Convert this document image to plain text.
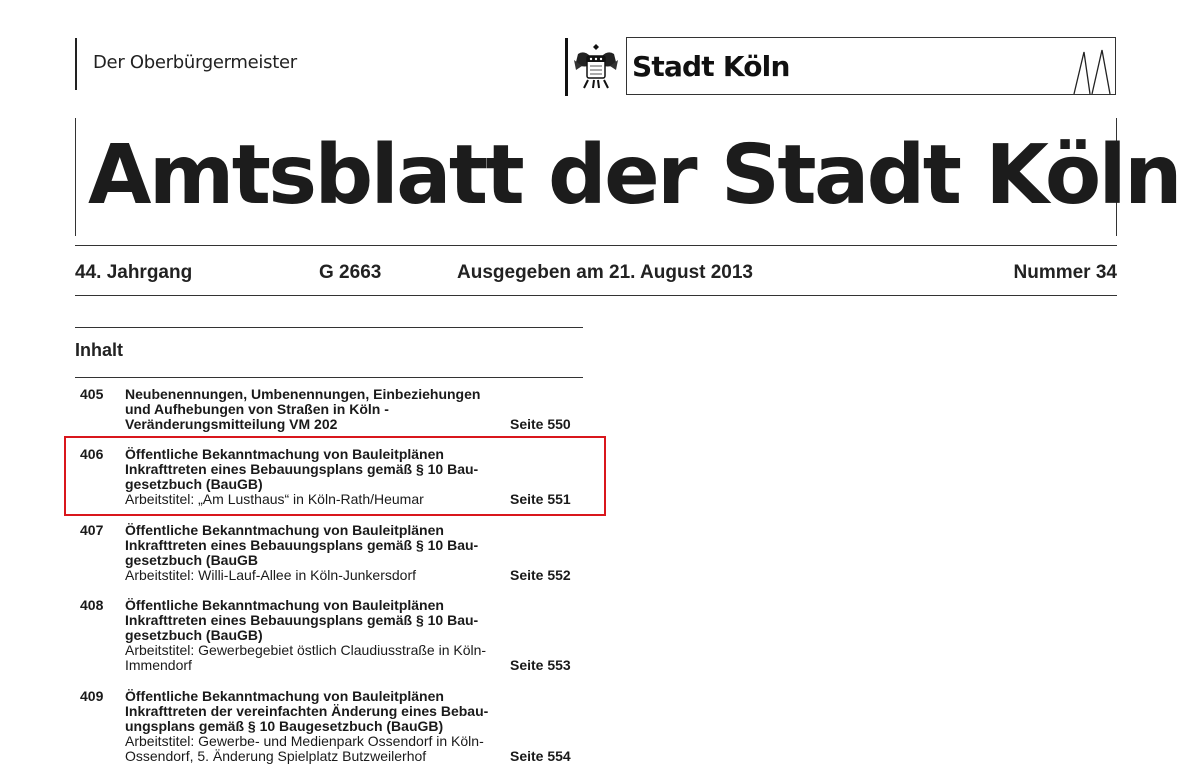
Der Oberbürgermeister	Stadt Köln
Amtsblatt der Stadt Köln
44. Jahrgang	G 2663	Ausgegeben am 21. August 2013	Nummer 34
Inhalt
405 Neubenennungen, Umbenennungen, Einbeziehungen
und Aufhebungen von Straßen in Köln -
Veränderungsmitteilung VM 202	Seite 550
406 Öffentliche Bekanntmachung von Bauleitplänen
Inkrafttreten eines Bebauungsplans gemäß § 10 Bau-
gesetzbuch (BauGB)
Arbeitstitel: „Am Lusthaus“ in Köln-Rath/Heumar	Seite 551
407 Öffentliche Bekanntmachung von Bauleitplänen
Inkrafttreten eines Bebauungsplans gemäß § 10 Bau-
gesetzbuch (BauGB
Arbeitstitel: Willi-Lauf-Allee in Köln-Junkersdorf	Seite 552
408 Öffentliche Bekanntmachung von Bauleitplänen
Inkrafttreten eines Bebauungsplans gemäß § 10 Bau-
gesetzbuch (BauGB)
Arbeitstitel: Gewerbegebiet östlich Claudiusstraße in Köln-
Immendorf	Seite 553
409 Öffentliche Bekanntmachung von Bauleitplänen
Inkrafttreten der vereinfachten Änderung eines Bebau-
ungsplans gemäß § 10 Baugesetzbuch (BauGB)
Arbeitstitel: Gewerbe- und Medienpark Ossendorf in Köln-
Ossendorf, 5. Änderung Spielplatz Butzweilerhof	Seite 554
